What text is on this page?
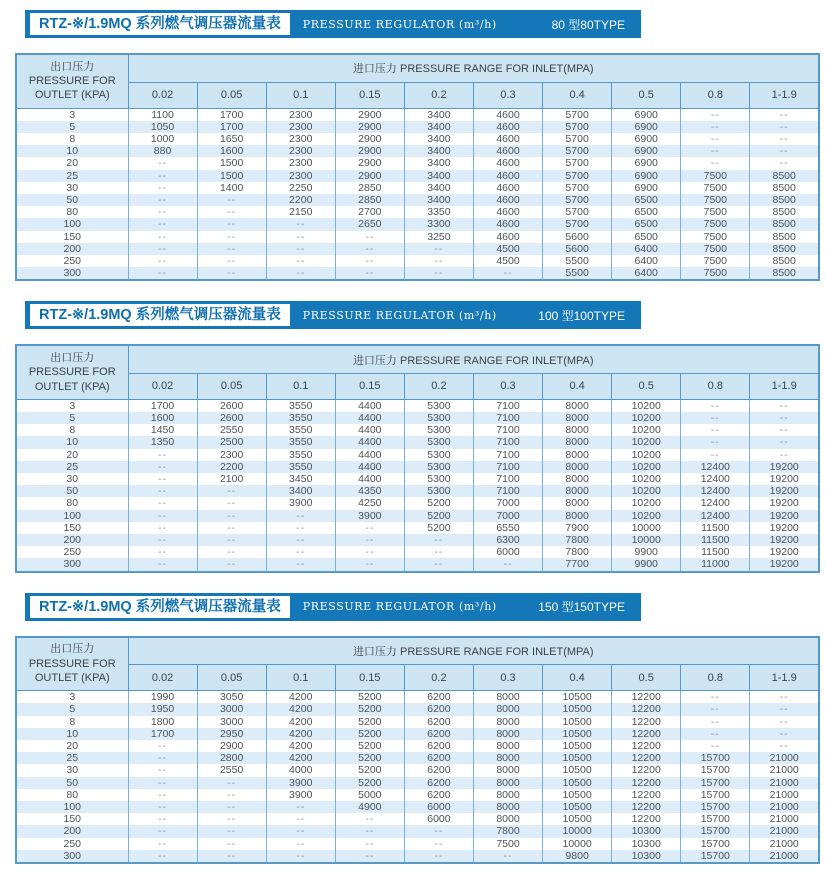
RTZ-※/1.9MQ 系列燃气调压器流量表	PRESSURE REGULATOR (m³/h)	80 型80TYPE
出口压力
PRESSURE FOR
OUTLET (KPA)	进口压力 PRESSURE RANGE FOR INLET(MPA)									
	0.02	0.05	0.1	0.15	0.2	0.3	0.4	0.5	0.8	1-1.9
3	1100	1700	2300	2900	3400	4600	5700	6900	--	--
5	1050	1700	2300	2900	3400	4600	5700	6900	--	--
8	1000	1650	2300	2900	3400	4600	5700	6900	--	--
10	880	1600	2300	2900	3400	4600	5700	6900	--	--
20	--	1500	2300	2900	3400	4600	5700	6900	--	--
25	--	1500	2300	2900	3400	4600	5700	6900	7500	8500
30	--	1400	2250	2850	3400	4600	5700	6900	7500	8500
50	--	--	2200	2850	3400	4600	5700	6500	7500	8500
80	--	--	2150	2700	3350	4600	5700	6500	7500	8500
100	--	--	--	2650	3300	4600	5700	6500	7500	8500
150	--	--	--	--	3250	4600	5600	6500	7500	8500
200	--	--	--	--	--	4500	5600	6400	7500	8500
250	--	--	--	--	--	4500	5500	6400	7500	8500
300	--	--	--	--	--	--	5500	6400	7500	8500
RTZ-※/1.9MQ 系列燃气调压器流量表	PRESSURE REGULATOR (m³/h)	100 型100TYPE
出口压力
PRESSURE FOR
OUTLET (KPA)	进口压力 PRESSURE RANGE FOR INLET(MPA)									
	0.02	0.05	0.1	0.15	0.2	0.3	0.4	0.5	0.8	1-1.9
3	1700	2600	3550	4400	5300	7100	8000	10200	--	--
5	1600	2600	3550	4400	5300	7100	8000	10200	--	--
8	1450	2550	3550	4400	5300	7100	8000	10200	--	--
10	1350	2500	3550	4400	5300	7100	8000	10200	--	--
20	--	2300	3550	4400	5300	7100	8000	10200	--	--
25	--	2200	3550	4400	5300	7100	8000	10200	12400	19200
30	--	2100	3450	4400	5300	7100	8000	10200	12400	19200
50	--	--	3400	4350	5300	7100	8000	10200	12400	19200
80	--	--	3900	4250	5200	7000	8000	10200	12400	19200
100	--	--	--	3900	5200	7000	8000	10200	12400	19200
150	--	--	--	--	5200	6550	7900	10000	11500	19200
200	--	--	--	--	--	6300	7800	10000	11500	19200
250	--	--	--	--	--	6000	7800	9900	11500	19200
300	--	--	--	--	--	--	7700	9900	11000	19200
RTZ-※/1.9MQ 系列燃气调压器流量表	PRESSURE REGULATOR (m³/h)	150 型150TYPE
出口压力
PRESSURE FOR
OUTLET (KPA)	进口压力 PRESSURE RANGE FOR INLET(MPA)									
	0.02	0.05	0.1	0.15	0.2	0.3	0.4	0.5	0.8	1-1.9
3	1990	3050	4200	5200	6200	8000	10500	12200	--	--
5	1950	3000	4200	5200	6200	8000	10500	12200	--	--
8	1800	3000	4200	5200	6200	8000	10500	12200	--	--
10	1700	2950	4200	5200	6200	8000	10500	12200	--	--
20	--	2900	4200	5200	6200	8000	10500	12200	--	--
25	--	2800	4200	5200	6200	8000	10500	12200	15700	21000
30	--	2550	4000	5200	6200	8000	10500	12200	15700	21000
50	--	--	3900	5200	6200	8000	10500	12200	15700	21000
80	--	--	3900	5000	6200	8000	10500	12200	15700	21000
100	--	--	--	4900	6000	8000	10500	12200	15700	21000
150	--	--	--	--	6000	8000	10500	12200	15700	21000
200	--	--	--	--	--	7800	10000	10300	15700	21000
250	--	--	--	--	--	7500	10000	10300	15700	21000
300	--	--	--	--	--	--	9800	10300	15700	21000
